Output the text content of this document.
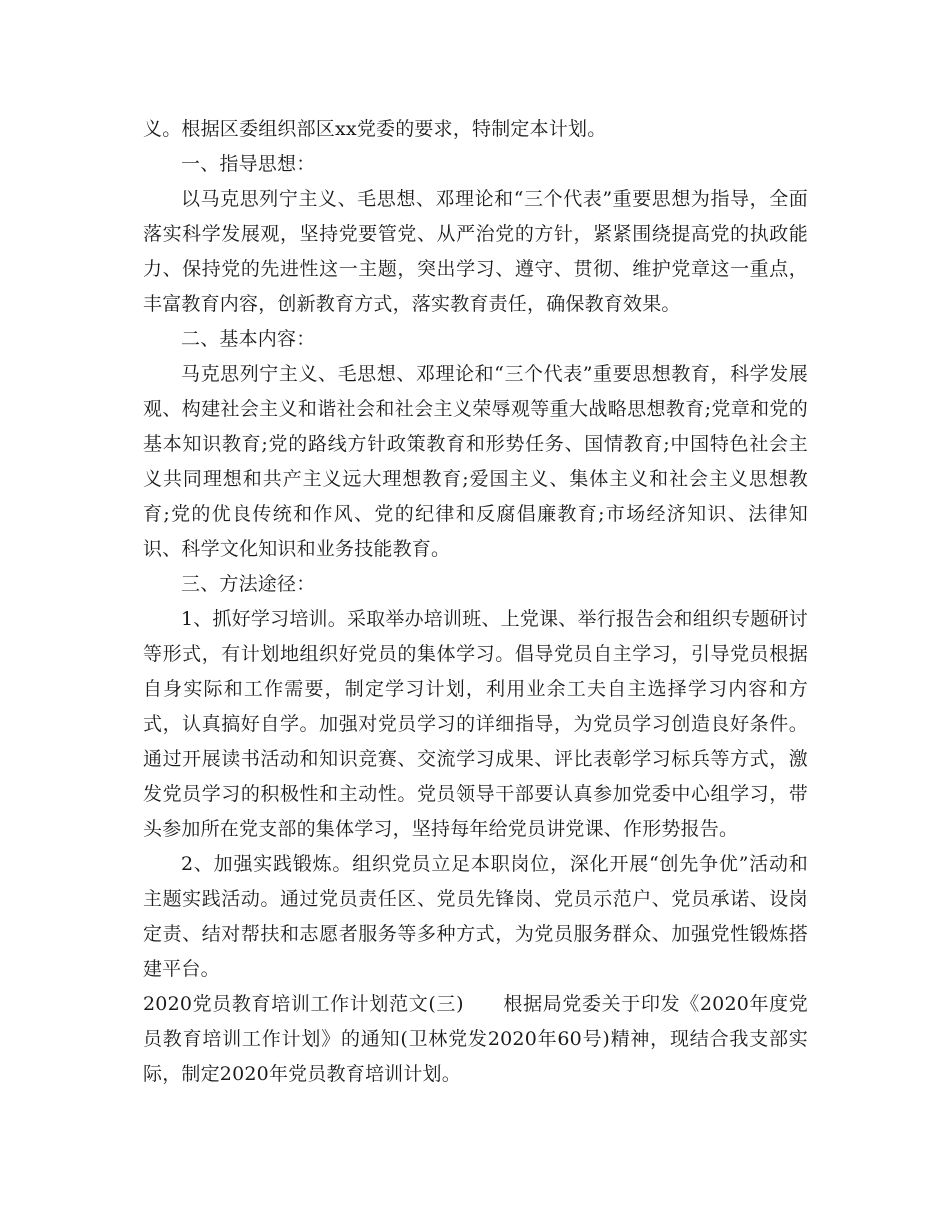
义。根据区委组织部区xx党委的要求，特制定本计划。

一、指导思想：

以马克思列宁主义、毛思想、邓理论和“三个代表”重要思想为指导，全面落实科学发展观，坚持党要管党、从严治党的方针，紧紧围绕提高党的执政能力、保持党的先进性这一主题，突出学习、遵守、贯彻、维护党章这一重点，丰富教育内容，创新教育方式，落实教育责任，确保教育效果。

二、基本内容：

马克思列宁主义、毛思想、邓理论和“三个代表”重要思想教育，科学发展观、构建社会主义和谐社会和社会主义荣辱观等重大战略思想教育;党章和党的基本知识教育;党的路线方针政策教育和形势任务、国情教育;中国特色社会主义共同理想和共产主义远大理想教育;爱国主义、集体主义和社会主义思想教育;党的优良传统和作风、党的纪律和反腐倡廉教育;市场经济知识、法律知识、科学文化知识和业务技能教育。

三、方法途径：

1、抓好学习培训。采取举办培训班、上党课、举行报告会和组织专题研讨等形式，有计划地组织好党员的集体学习。倡导党员自主学习，引导党员根据自身实际和工作需要，制定学习计划，利用业余工夫自主选择学习内容和方式，认真搞好自学。加强对党员学习的详细指导，为党员学习创造良好条件。通过开展读书活动和知识竞赛、交流学习成果、评比表彰学习标兵等方式，激发党员学习的积极性和主动性。党员领导干部要认真参加党委中心组学习，带头参加所在党支部的集体学习，坚持每年给党员讲党课、作形势报告。

2、加强实践锻炼。组织党员立足本职岗位，深化开展“创先争优”活动和主题实践活动。通过党员责任区、党员先锋岗、党员示范户、党员承诺、设岗定责、结对帮扶和志愿者服务等多种方式，为党员服务群众、加强党性锻炼搭建平台。

2020党员教育培训工作计划范文(三)　　根据局党委关于印发《2020年度党员教育培训工作计划》的通知(卫林党发2020年60号)精神，现结合我支部实际，制定2020年党员教育培训计划。
